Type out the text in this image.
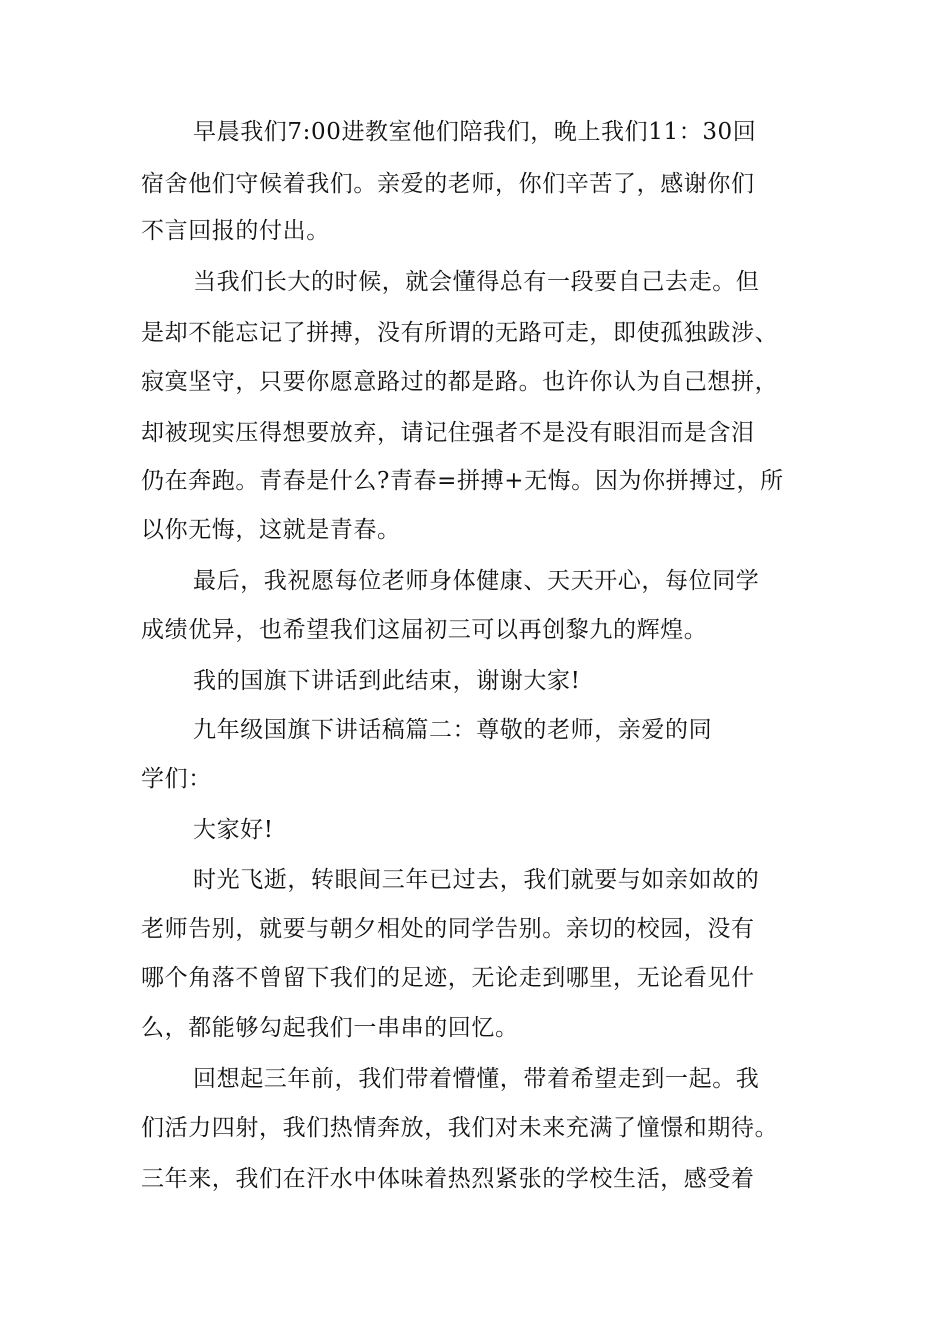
早晨我们7:00进教室他们陪我们，晚上我们11：30回
宿舍他们守候着我们。亲爱的老师，你们辛苦了，感谢你们
不言回报的付出。
当我们长大的时候，就会懂得总有一段要自己去走。但
是却不能忘记了拼搏，没有所谓的无路可走，即使孤独跋涉、
寂寞坚守，只要你愿意路过的都是路。也许你认为自己想拼，
却被现实压得想要放弃，请记住强者不是没有眼泪而是含泪
仍在奔跑。青春是什么?青春=拼搏+无悔。因为你拼搏过，所
以你无悔，这就是青春。
最后，我祝愿每位老师身体健康、天天开心，每位同学
成绩优异，也希望我们这届初三可以再创黎九的辉煌。
我的国旗下讲话到此结束，谢谢大家!
九年级国旗下讲话稿篇二：尊敬的老师，亲爱的同
学们：
大家好!
时光飞逝，转眼间三年已过去，我们就要与如亲如故的
老师告别，就要与朝夕相处的同学告别。亲切的校园，没有
哪个角落不曾留下我们的足迹，无论走到哪里，无论看见什
么，都能够勾起我们一串串的回忆。
回想起三年前，我们带着懵懂，带着希望走到一起。我
们活力四射，我们热情奔放，我们对未来充满了憧憬和期待。
三年来，我们在汗水中体味着热烈紧张的学校生活，感受着
